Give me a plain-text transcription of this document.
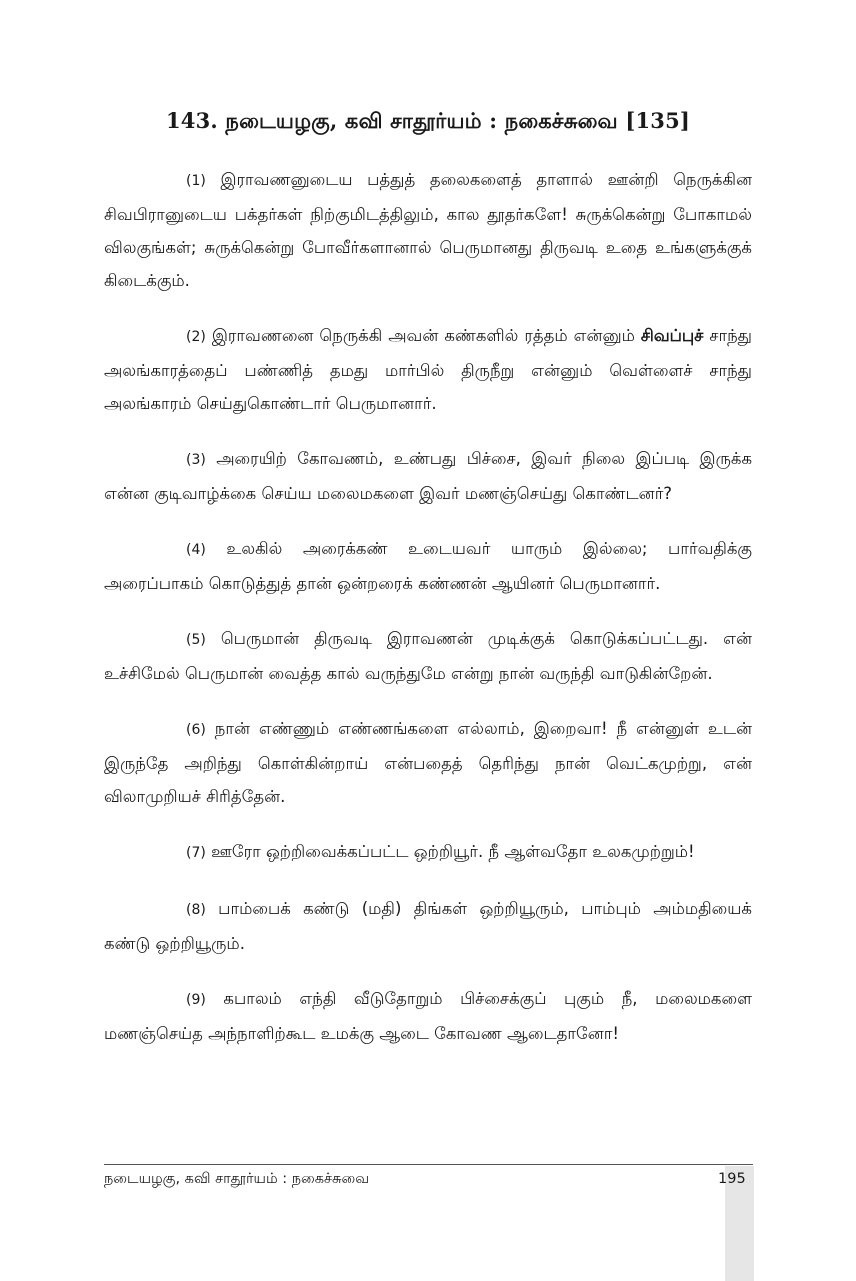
143. நடையழகு, கவி சாதூர்யம் : நகைச்சுவை [135]

(1) இராவணனுடைய பத்துத் தலைகளைத் தாளால் ஊன்றி நெருக்கின சிவபிரானுடைய பக்தர்கள் நிற்குமிடத்திலும், கால தூதர்களே! சுருக்கென்று போகாமல் விலகுங்கள்; சுருக்கென்று போவீர்களானால் பெருமானது திருவடி உதை உங்களுக்குக் கிடைக்கும்.

(2) இராவணனை நெருக்கி அவன் கண்களில் ரத்தம் என்னும் சிவப்புச் சாந்து அலங்காரத்தைப் பண்ணித் தமது மார்பில் திருநீறு என்னும் வெள்ளைச் சாந்து அலங்காரம் செய்துகொண்டார் பெருமானார்.

(3) அரையிற் கோவணம், உண்பது பிச்சை, இவர் நிலை இப்படி இருக்க என்ன குடிவாழ்க்கை செய்ய மலைமகளை இவர் மணஞ்செய்து கொண்டனர்?

(4) உலகில் அரைக்கண் உடையவர் யாரும் இல்லை; பார்வதிக்கு அரைப்பாகம் கொடுத்துத் தான் ஒன்றரைக் கண்ணன் ஆயினர் பெருமானார்.

(5) பெருமான் திருவடி இராவணன் முடிக்குக் கொடுக்கப்பட்டது. என் உச்சிமேல் பெருமான் வைத்த கால் வருந்துமே என்று நான் வருந்தி வாடுகின்றேன்.

(6) நான் எண்ணும் எண்ணங்களை எல்லாம், இறைவா! நீ என்னுள் உடன் இருந்தே அறிந்து கொள்கின்றாய் என்பதைத் தெரிந்து நான் வெட்கமுற்று, என் விலாமுறியச் சிரித்தேன்.

(7) ஊரோ ஒற்றிவைக்கப்பட்ட ஒற்றியூர். நீ ஆள்வதோ உலகமுற்றும்!

(8) பாம்பைக் கண்டு (மதி) திங்கள் ஒற்றியூரும், பாம்பும் அம்மதியைக் கண்டு ஒற்றியூரும்.

(9) கபாலம் எந்தி வீடுதோறும் பிச்சைக்குப் புகும் நீ, மலைமகளை மணஞ்செய்த அந்நாளிற்கூட உமக்கு ஆடை கோவண ஆடைதானோ!

நடையழகு, கவி சாதூர்யம் : நகைச்சுவை	195
